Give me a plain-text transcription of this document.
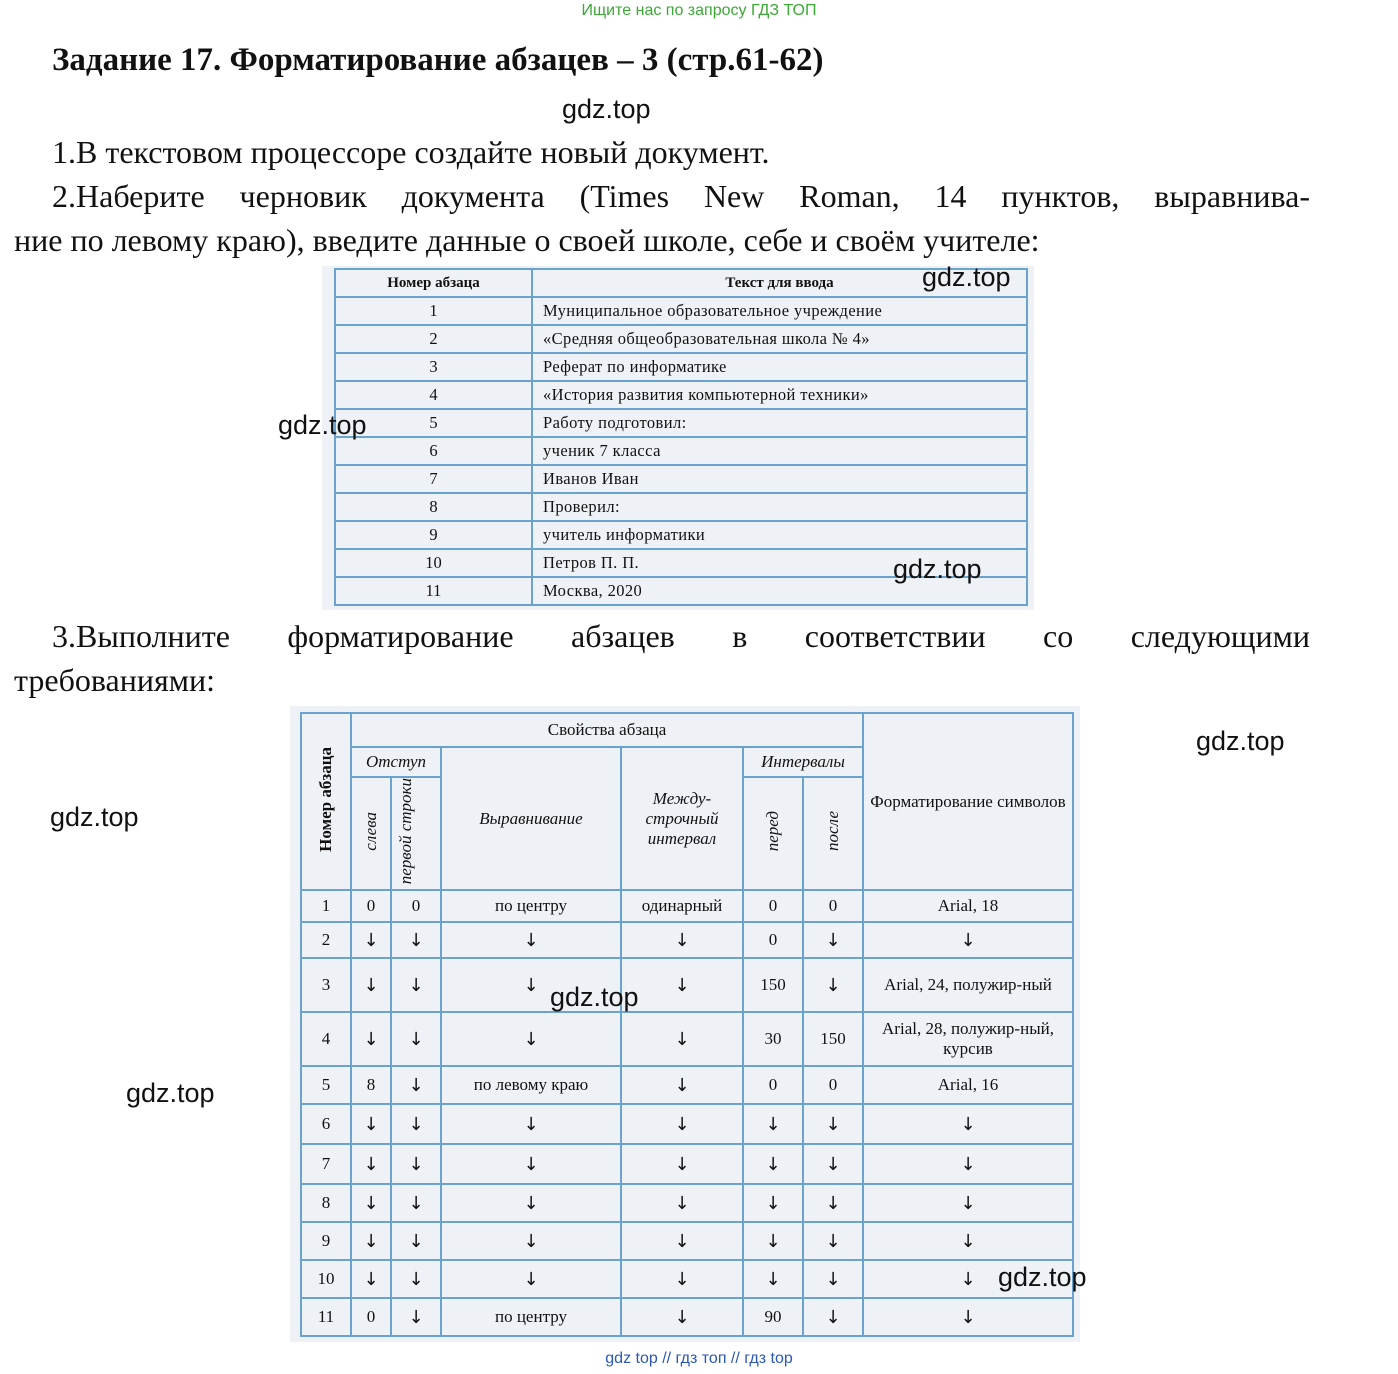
Ищите нас по запросу ГДЗ ТОП
Задание 17. Форматирование абзацев – 3 (стр.61-62)
gdz.top
1.В текстовом процессоре создайте новый документ.
2.Наберите черновик документа (Times New Roman, 14 пунктов, выравнива-
ние по левому краю), введите данные о своей школе, себе и своём учителе:
Номер абзаца	Текст для ввода
1	Муниципальное образовательное учреждение
2	«Средняя общеобразовательная школа № 4»
3	Реферат по информатике
4	«История развития компьютерной техники»
5	Работу подготовил:
6	ученик 7 класса
7	Иванов Иван
8	Проверил:
9	учитель информатики
10	Петров П. П.
11	Москва, 2020
gdz.top
gdz.top
gdz.top
3.Выполните форматирование абзацев в соответствии со следующими
требованиями:
Номер абзаца	Свойства абзаца						Форматирование символов
	Отступ		Выравнивание	Между-строчный интервал	Интервалы		
	слева	первой строки			перед	после	
1	0	0	по центру	одинарный	0	0	Arial, 18
2	↓	↓	↓	↓	0	↓	↓
3	↓	↓	↓	↓	150	↓	Arial, 24, полужир-ный
4	↓	↓	↓	↓	30	150	Arial, 28, полужир-ный, курсив
5	8	↓	по левому краю	↓	0	0	Arial, 16
6	↓	↓	↓	↓	↓	↓	↓
7	↓	↓	↓	↓	↓	↓	↓
8	↓	↓	↓	↓	↓	↓	↓
9	↓	↓	↓	↓	↓	↓	↓
10	↓	↓	↓	↓	↓	↓	↓
11	0	↓	по центру	↓	90	↓	↓
gdz.top
gdz.top
gdz.top
gdz.top
gdz.top
gdz top // гдз топ // гдз top
